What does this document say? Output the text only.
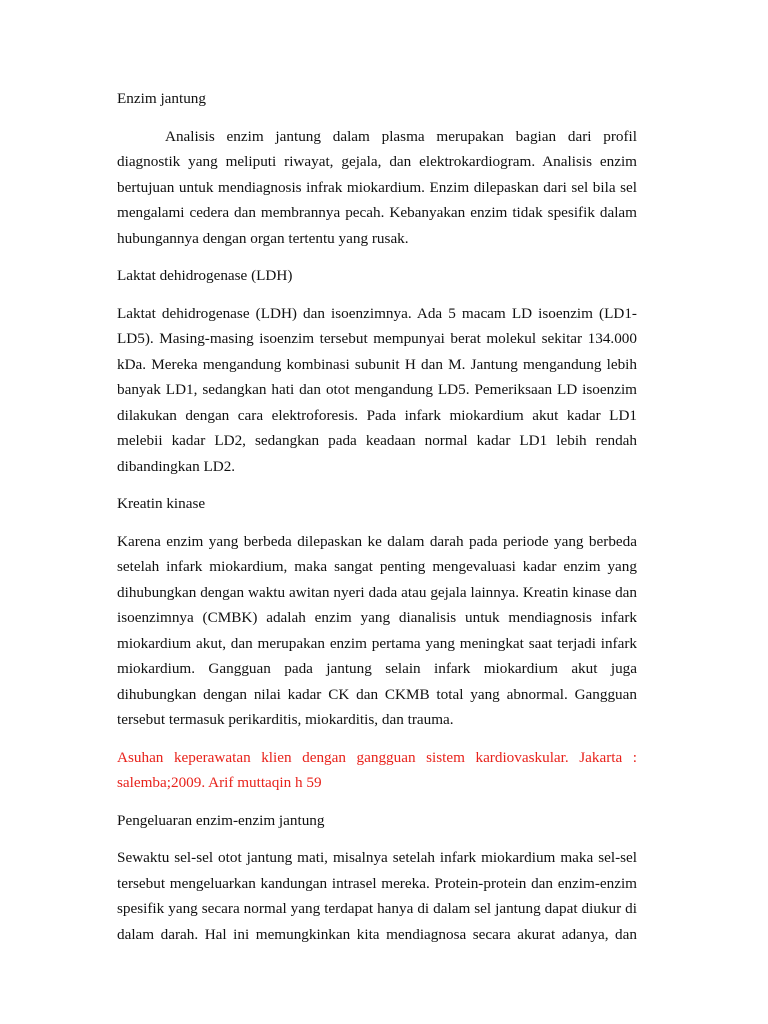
Enzim jantung

Analisis enzim jantung dalam plasma merupakan bagian dari profil diagnostik yang meliputi riwayat, gejala, dan elektrokardiogram. Analisis enzim bertujuan untuk mendiagnosis infrak miokardium. Enzim dilepaskan dari sel bila sel mengalami cedera dan membrannya pecah. Kebanyakan enzim tidak spesifik dalam hubungannya dengan organ tertentu yang rusak.

Laktat dehidrogenase (LDH)

Laktat dehidrogenase (LDH) dan isoenzimnya. Ada 5 macam LD isoenzim (LD1-LD5). Masing-masing isoenzim tersebut mempunyai berat molekul sekitar 134.000 kDa. Mereka mengandung kombinasi subunit H dan M. Jantung mengandung lebih banyak LD1, sedangkan hati dan otot mengandung LD5. Pemeriksaan LD isoenzim dilakukan dengan cara elektroforesis. Pada infark miokardium akut kadar LD1 melebii kadar LD2, sedangkan pada keadaan normal kadar LD1 lebih rendah dibandingkan LD2.

Kreatin kinase

Karena enzim yang berbeda dilepaskan ke dalam darah pada periode yang berbeda setelah infark miokardium, maka sangat penting mengevaluasi kadar enzim yang dihubungkan dengan waktu awitan nyeri dada atau gejala lainnya. Kreatin kinase dan isoenzimnya (CMBK) adalah enzim yang dianalisis untuk mendiagnosis infark miokardium akut, dan merupakan enzim pertama yang meningkat saat terjadi infark miokardium. Gangguan pada jantung selain infark miokardium akut juga dihubungkan dengan nilai kadar CK dan CKMB total yang abnormal. Gangguan tersebut termasuk perikarditis, miokarditis, dan trauma.

Asuhan keperawatan klien dengan gangguan sistem kardiovaskular. Jakarta : salemba;2009. Arif muttaqin h 59

Pengeluaran enzim-enzim jantung

Sewaktu sel-sel otot jantung mati, misalnya setelah infark miokardium maka sel-sel tersebut mengeluarkan kandungan intrasel mereka. Protein-protein dan enzim-enzim spesifik yang secara normal yang terdapat hanya di dalam sel jantung dapat diukur di dalam darah. Hal ini memungkinkan kita mendiagnosa secara akurat adanya, dan
